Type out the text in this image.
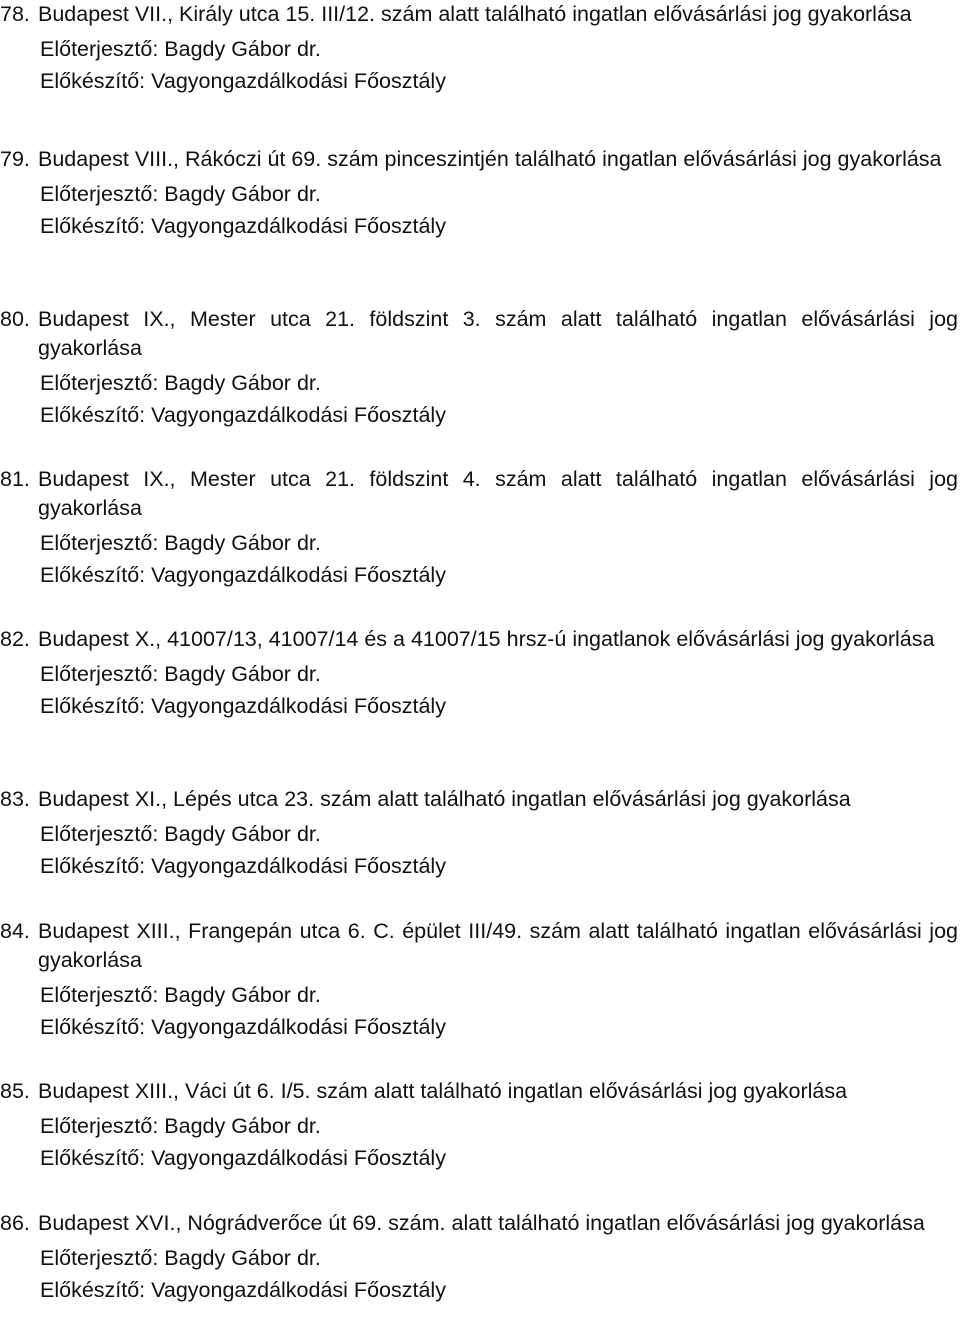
78. Budapest VII., Király utca 15. III/12. szám alatt található ingatlan elővásárlási jog gyakorlása
Előterjesztő: Bagdy Gábor dr.
Előkészítő: Vagyongazdálkodási Főosztály
79. Budapest VIII., Rákóczi út 69. szám pinceszintjén található ingatlan elővásárlási jog gyakorlása
Előterjesztő: Bagdy Gábor dr.
Előkészítő: Vagyongazdálkodási Főosztály
80. Budapest IX., Mester utca 21. földszint 3. szám alatt található ingatlan elővásárlási jog gyakorlása
Előterjesztő: Bagdy Gábor dr.
Előkészítő: Vagyongazdálkodási Főosztály
81. Budapest IX., Mester utca 21. földszint 4. szám alatt található ingatlan elővásárlási jog gyakorlása
Előterjesztő: Bagdy Gábor dr.
Előkészítő: Vagyongazdálkodási Főosztály
82. Budapest X., 41007/13, 41007/14 és a 41007/15 hrsz-ú ingatlanok elővásárlási jog gyakorlása
Előterjesztő: Bagdy Gábor dr.
Előkészítő: Vagyongazdálkodási Főosztály
83. Budapest XI., Lépés utca 23. szám alatt található ingatlan elővásárlási jog gyakorlása
Előterjesztő: Bagdy Gábor dr.
Előkészítő: Vagyongazdálkodási Főosztály
84. Budapest XIII., Frangepán utca 6. C. épület III/49. szám alatt található ingatlan elővásárlási jog gyakorlása
Előterjesztő: Bagdy Gábor dr.
Előkészítő: Vagyongazdálkodási Főosztály
85. Budapest XIII., Váci út 6. I/5. szám alatt található ingatlan elővásárlási jog gyakorlása
Előterjesztő: Bagdy Gábor dr.
Előkészítő: Vagyongazdálkodási Főosztály
86. Budapest XVI., Nógrádverőce út 69. szám. alatt található ingatlan elővásárlási jog gyakorlása
Előterjesztő: Bagdy Gábor dr.
Előkészítő: Vagyongazdálkodási Főosztály
